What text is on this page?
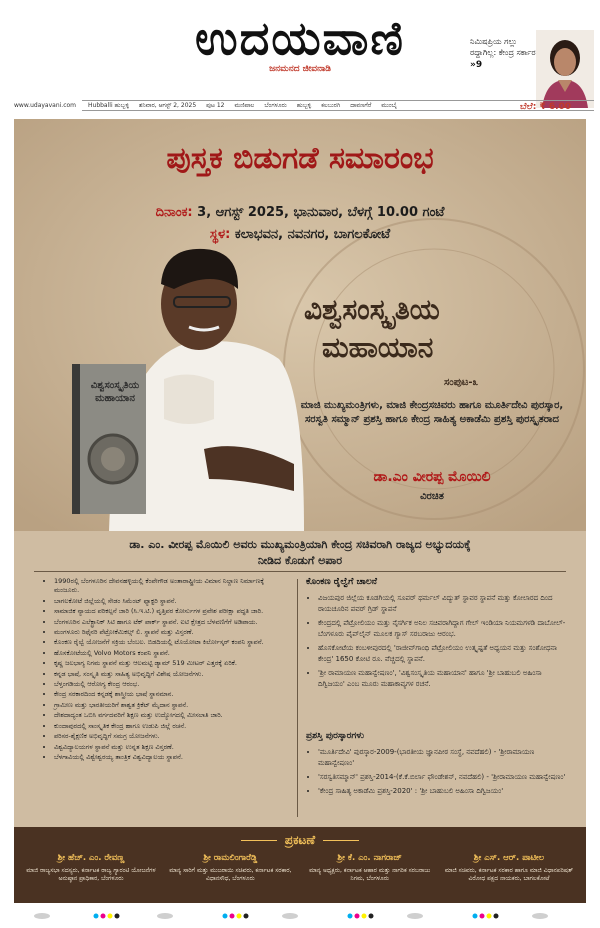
ಉದಯವಾಣಿ
ಜನಮನದ ಜೀವನಾಡಿ
ನಿಮಿಷಪ್ರಿಯ ಗಲ್ಲು ರದ್ದಾಗಿಲ್ಲ: ಕೇಂದ್ರ ಸರ್ಕಾರ
»9
Hubballi ಹುಬ್ಬಳ್ಳಿ ಶನಿವಾರ, ಆಗಸ್ಟ್ 2, 2025 ಪುಟ 12 ಮಣಿಪಾಲ ಬೆಂಗಳೂರು ಹುಬ್ಬಳ್ಳಿ ಕಲಬುರಗಿ ದಾವಣಗೆರೆ ಮುಂಬೈ
www.udayavani.com	ಬೆಲೆ: ₹ 6.00
ವಿಶ್ವಸಂಸ್ಕೃತಿಯ ಮಹಾಯಾನ
ಪುಸ್ತಕ ಬಿಡುಗಡೆ ಸಮಾರಂಭ
ದಿನಾಂಕ: 3, ಆಗಸ್ಟ್ 2025, ಭಾನುವಾರ, ಬೆಳಗ್ಗೆ 10.00 ಗಂಟೆ
ಸ್ಥಳ: ಕಲಾಭವನ, ನವನಗರ, ಬಾಗಲಕೋಟೆ
ವಿಶ್ವಸಂಸ್ಕೃತಿಯ
ಮಹಾಯಾನ
ಸಂಪುಟ-೩
ಮಾಜಿ ಮುಖ್ಯಮಂತ್ರಿಗಳು, ಮಾಜಿ ಕೇಂದ್ರಸಚಿವರು ಹಾಗೂ ಮೂರ್ತಿದೇವಿ ಪುರಸ್ಕಾರ, ಸರಸ್ವತಿ ಸಮ್ಮಾನ್ ಪ್ರಶಸ್ತಿ ಹಾಗೂ ಕೇಂದ್ರ ಸಾಹಿತ್ಯ ಅಕಾಡೆಮಿ ಪ್ರಶಸ್ತಿ ಪುರಸ್ಕೃತರಾದ
ಡಾ.ಎಂ ವೀರಪ್ಪ ಮೊಯಿಲಿ
ವಿರಚಿತ
ಡಾ. ಎಂ. ವೀರಪ್ಪ ಮೊಯಿಲಿ ಅವರು ಮುಖ್ಯಮಂತ್ರಿಯಾಗಿ ಕೇಂದ್ರ ಸಚಿವರಾಗಿ ರಾಜ್ಯದ ಅಭ್ಯುದಯಕ್ಕೆ ನೀಡಿದ ಕೊಡುಗೆ ಅಪಾರ
• 1990ರಲ್ಲಿ ಬೆಂಗಳೂರಿನ ದೇವನಹಳ್ಳಿಯಲ್ಲಿ ಕೆಂಪೇಗೌಡ ಅಂತಾರಾಷ್ಟ್ರೀಯ ವಿಮಾನ ನಿಲ್ದಾಣ ನಿರ್ಮಾಣಕ್ಕೆ ಮಂಜೂರು.
• ಬಾಗಲಕೋಟೆ ಜಿಲ್ಲೆಯಲ್ಲಿ ಸೇಡಂ ಸಿಮೆಂಟ್ ಫ್ಯಾಕ್ಟರಿ ಸ್ಥಾಪನೆ.
• ಸಾಮಾಜಿಕ ನ್ಯಾಯದ ಪರಿಕಲ್ಪನೆ ಜಾರಿ (ಸಿ.ಇ.ಟಿ.) ವೃತ್ತಿಪರ ಕೋರ್ಸುಗಳ ಪ್ರವೇಶ ಪರೀಕ್ಷಾ ಪದ್ಧತಿ ಜಾರಿ.
• ಬೆಂಗಳೂರಿನ ಎಲೆಕ್ಟ್ರಾನಿಕ್ ಸಿಟಿ ಹಾಗೂ ಟೆಕ್ ಪಾರ್ಕ್ ಸ್ಥಾಪನೆ. ಐಟಿ ಕ್ಷೇತ್ರದ ಬೆಳವಣಿಗೆಗೆ ಅಡಿಪಾಯ.
• ಮಂಗಳೂರು ರಿಫೈನರಿ ಪೆಟ್ರೋಕೆಮಿಕಲ್ಸ್ ಲಿ. ಸ್ಥಾಪನೆ ಮತ್ತು ವಿಸ್ತರಣೆ.
• ಕೊಂಕಣ ರೈಲ್ವೆ ಯೋಜನೆಗೆ ಸಕ್ರಿಯ ಬೆಂಬಲ. ಬಿಡದಿಯಲ್ಲಿ ಟೊಯೋಟಾ ಕಿರ್ಲೋಸ್ಕರ್ ಕಂಪನಿ ಸ್ಥಾಪನೆ.
• ಹೊಸಕೋಟೆಯಲ್ಲಿ Volvo Motors ಕಂಪನಿ ಸ್ಥಾಪನೆ.
• ಕೃಷ್ಣ ಜಲಭಾಗ್ಯ ನಿಗಮ ಸ್ಥಾಪನೆ ಮತ್ತು ಆಲಮಟ್ಟಿ ಡ್ಯಾಮ್ 519 ಮೀಟರ್ ಎತ್ತರಕ್ಕೆ ಏರಿಕೆ.
• ಕನ್ನಡ ಭಾಷೆ, ಸಂಸ್ಕೃತಿ ಮತ್ತು ಸಾಹಿತ್ಯ ಅಭಿವೃದ್ಧಿಗೆ ವಿಶೇಷ ಯೋಜನೆಗಳು.
• ಬೆಳ್ತಂಗಡಿಯಲ್ಲಿ ಆರೋಗ್ಯ ಕೇಂದ್ರ ಆರಂಭ.
• ಕೇಂದ್ರ ಸರಕಾರದಿಂದ ಕನ್ನಡಕ್ಕೆ ಶಾಸ್ತ್ರೀಯ ಭಾಷೆ ಸ್ಥಾನಮಾನ.
• ಗ್ರಾಮೀಣ ಮತ್ತು ಭಾರತೀಯರಿಗೆ ಶಾಶ್ವತ ಕ್ರಿಕೆಟ್ ಮೈದಾನ ಸ್ಥಾಪನೆ.
• ದೇಶದಾದ್ಯಂತ ಒಬಿಸಿ ವರ್ಗದವರಿಗೆ ಶಿಕ್ಷಣ ಮತ್ತು ಉದ್ಯೋಗದಲ್ಲಿ ಮೀಸಲಾತಿ ಜಾರಿ.
• ಕುಂದಾಪುರದಲ್ಲಿ ಸಾಂಸ್ಕೃತಿಕ ಕೇಂದ್ರ ಹಾಗೂ ಉಡುಪಿ ಜಿಲ್ಲೆ ರಚನೆ.
• ಪರಿಸರ-ಶೈಕ್ಷಣಿಕ ಅಭಿವೃದ್ಧಿಗೆ ಸಮಗ್ರ ಯೋಜನೆಗಳು.
• ವಿಶ್ವವಿದ್ಯಾಲಯಗಳ ಸ್ಥಾಪನೆ ಮತ್ತು ಉನ್ನತ ಶಿಕ್ಷಣ ವಿಸ್ತರಣೆ.
• ಬೆಳಗಾವಿಯಲ್ಲಿ ವಿಶ್ವೇಶ್ವರಯ್ಯ ತಾಂತ್ರಿಕ ವಿಶ್ವವಿದ್ಯಾಲಯ ಸ್ಥಾಪನೆ.
ಕೊಂಕಣ ರೈಲ್ವೆಗೆ ಚಾಲನೆ
• ವಿಜಯಪುರ ಜಿಲ್ಲೆಯ ಕೂಡಗಿಯಲ್ಲಿ ಸೂಪರ್ ಥರ್ಮಲ್ ವಿದ್ಯುತ್ ಸ್ಥಾವರ ಸ್ಥಾಪನೆ ಮತ್ತು ಕೋಲಾರದ ದಿಂದ ರಾಯಚೂರಿನ ಪವರ್ ಗ್ರಿಡ್ ಸ್ಥಾಪನೆ
• ಕೇಂದ್ರದಲ್ಲಿ ಪೆಟ್ರೋಲಿಯಂ ಮತ್ತು ನೈಸರ್ಗಿಕ ಅನಿಲ ಸಚಿವರಾಗಿದ್ದಾಗ ಗೇಲ್ ಇಂಡಿಯಾ ನಿಯಮಗಳಡಿ ದಾಬೋಲ್-ಬೆಂಗಳೂರು ಪೈಪ್‌ಲೈನ್ ಮೂಲಕ ಗ್ಯಾಸ್ ಸರಬರಾಜು ಆರಂಭ.
• ಹೊಸಕೋಟೆಯ ಕಂಬಳೀಪುರದಲ್ಲಿ 'ರಾಜೀವ್‌ಗಾಂಧಿ ಪೆಟ್ರೋಲಿಯಂ ಉತ್ಕೃಷ್ಟತೆ ಅಧ್ಯಯನ ಮತ್ತು ಸಂಶೋಧನಾ ಕೇಂದ್ರ' 1650 ಕೋಟಿ ರೂ. ವೆಚ್ಚದಲ್ಲಿ ಸ್ಥಾಪನೆ.
• 'ಶ್ರೀ ರಾಮಾಯಣ ಮಹಾನ್ವೇಷಣಂ', 'ವಿಶ್ವಸಂಸ್ಕೃತಿಯ ಮಹಾಯಾನ' ಹಾಗೂ 'ಶ್ರೀ ಬಾಹುಬಲಿ ಅಹಿಂಸಾ ದಿಗ್ವಿಜಯಂ' ಎಂಬ ಮೂರು ಮಹಾಕಾವ್ಯಗಳ ರಚನೆ.
ಪ್ರಶಸ್ತಿ ಪುರಸ್ಕಾರಗಳು
• 'ಮೂರ್ತಿದೇವಿ' ಪುರಸ್ಕಾರ-2009-(ಭಾರತೀಯ ಜ್ಞಾನಪೀಠ ಸಂಸ್ಥೆ, ನವದೆಹಲಿ) - 'ಶ್ರೀರಾಮಾಯಣ ಮಹಾನ್ವೇಷಣಂ'
• 'ಸರಸ್ವತಿಸಮ್ಮಾನ್' ಪ್ರಶಸ್ತಿ-2014-(ಕೆ.ಕೆ.ಬಿರ್ಲಾ ಫೌಂಡೇಶನ್, ನವದೆಹಲಿ) - 'ಶ್ರೀರಾಮಾಯಣ ಮಹಾನ್ವೇಷಣಂ'
• 'ಕೇಂದ್ರ ಸಾಹಿತ್ಯ ಅಕಾಡೆಮಿ ಪ್ರಶಸ್ತಿ-2020' : 'ಶ್ರೀ ಬಾಹುಬಲಿ ಅಹಿಂಸಾ ದಿಗ್ವಿಜಯಂ'
ಪ್ರಕಟಣೆ
ಶ್ರೀ ಹೆಚ್. ಎಂ. ರೇವಣ್ಣ
ಮಾಜಿ ರಾಜ್ಯಸಭಾ ಸದಸ್ಯರು, ಕರ್ನಾಟಕ ರಾಜ್ಯ ಗ್ಯಾರಂಟಿ ಯೋಜನೆಗಳ ಅನುಷ್ಠಾನ ಪ್ರಾಧಿಕಾರ, ಬೆಂಗಳೂರು
ಶ್ರೀ ರಾಮಲಿಂಗಾರೆಡ್ಡಿ
ಮಾನ್ಯ ಸಾರಿಗೆ ಮತ್ತು ಮುಜರಾಯಿ ಸಚಿವರು, ಕರ್ನಾಟಕ ಸರಕಾರ, ವಿಧಾನಸೌಧ, ಬೆಂಗಳೂರು
ಶ್ರೀ ಕೆ. ಎಂ. ನಾಗರಾಜ್
ಮಾನ್ಯ ಅಧ್ಯಕ್ಷರು, ಕರ್ನಾಟಕ ಆಹಾರ ಮತ್ತು ನಾಗರಿಕ ಸರಬರಾಜು ನಿಗಮ, ಬೆಂಗಳೂರು
ಶ್ರೀ ಎಸ್. ಆರ್. ಪಾಟೀಲ
ಮಾಜಿ ಸಚಿವರು, ಕರ್ನಾಟಕ ಸರಕಾರ ಹಾಗೂ ಮಾಜಿ ವಿಧಾನಪರಿಷತ್ ವಿರೋಧ ಪಕ್ಷದ ನಾಯಕರು, ಬಾಗಲಕೋಟೆ
